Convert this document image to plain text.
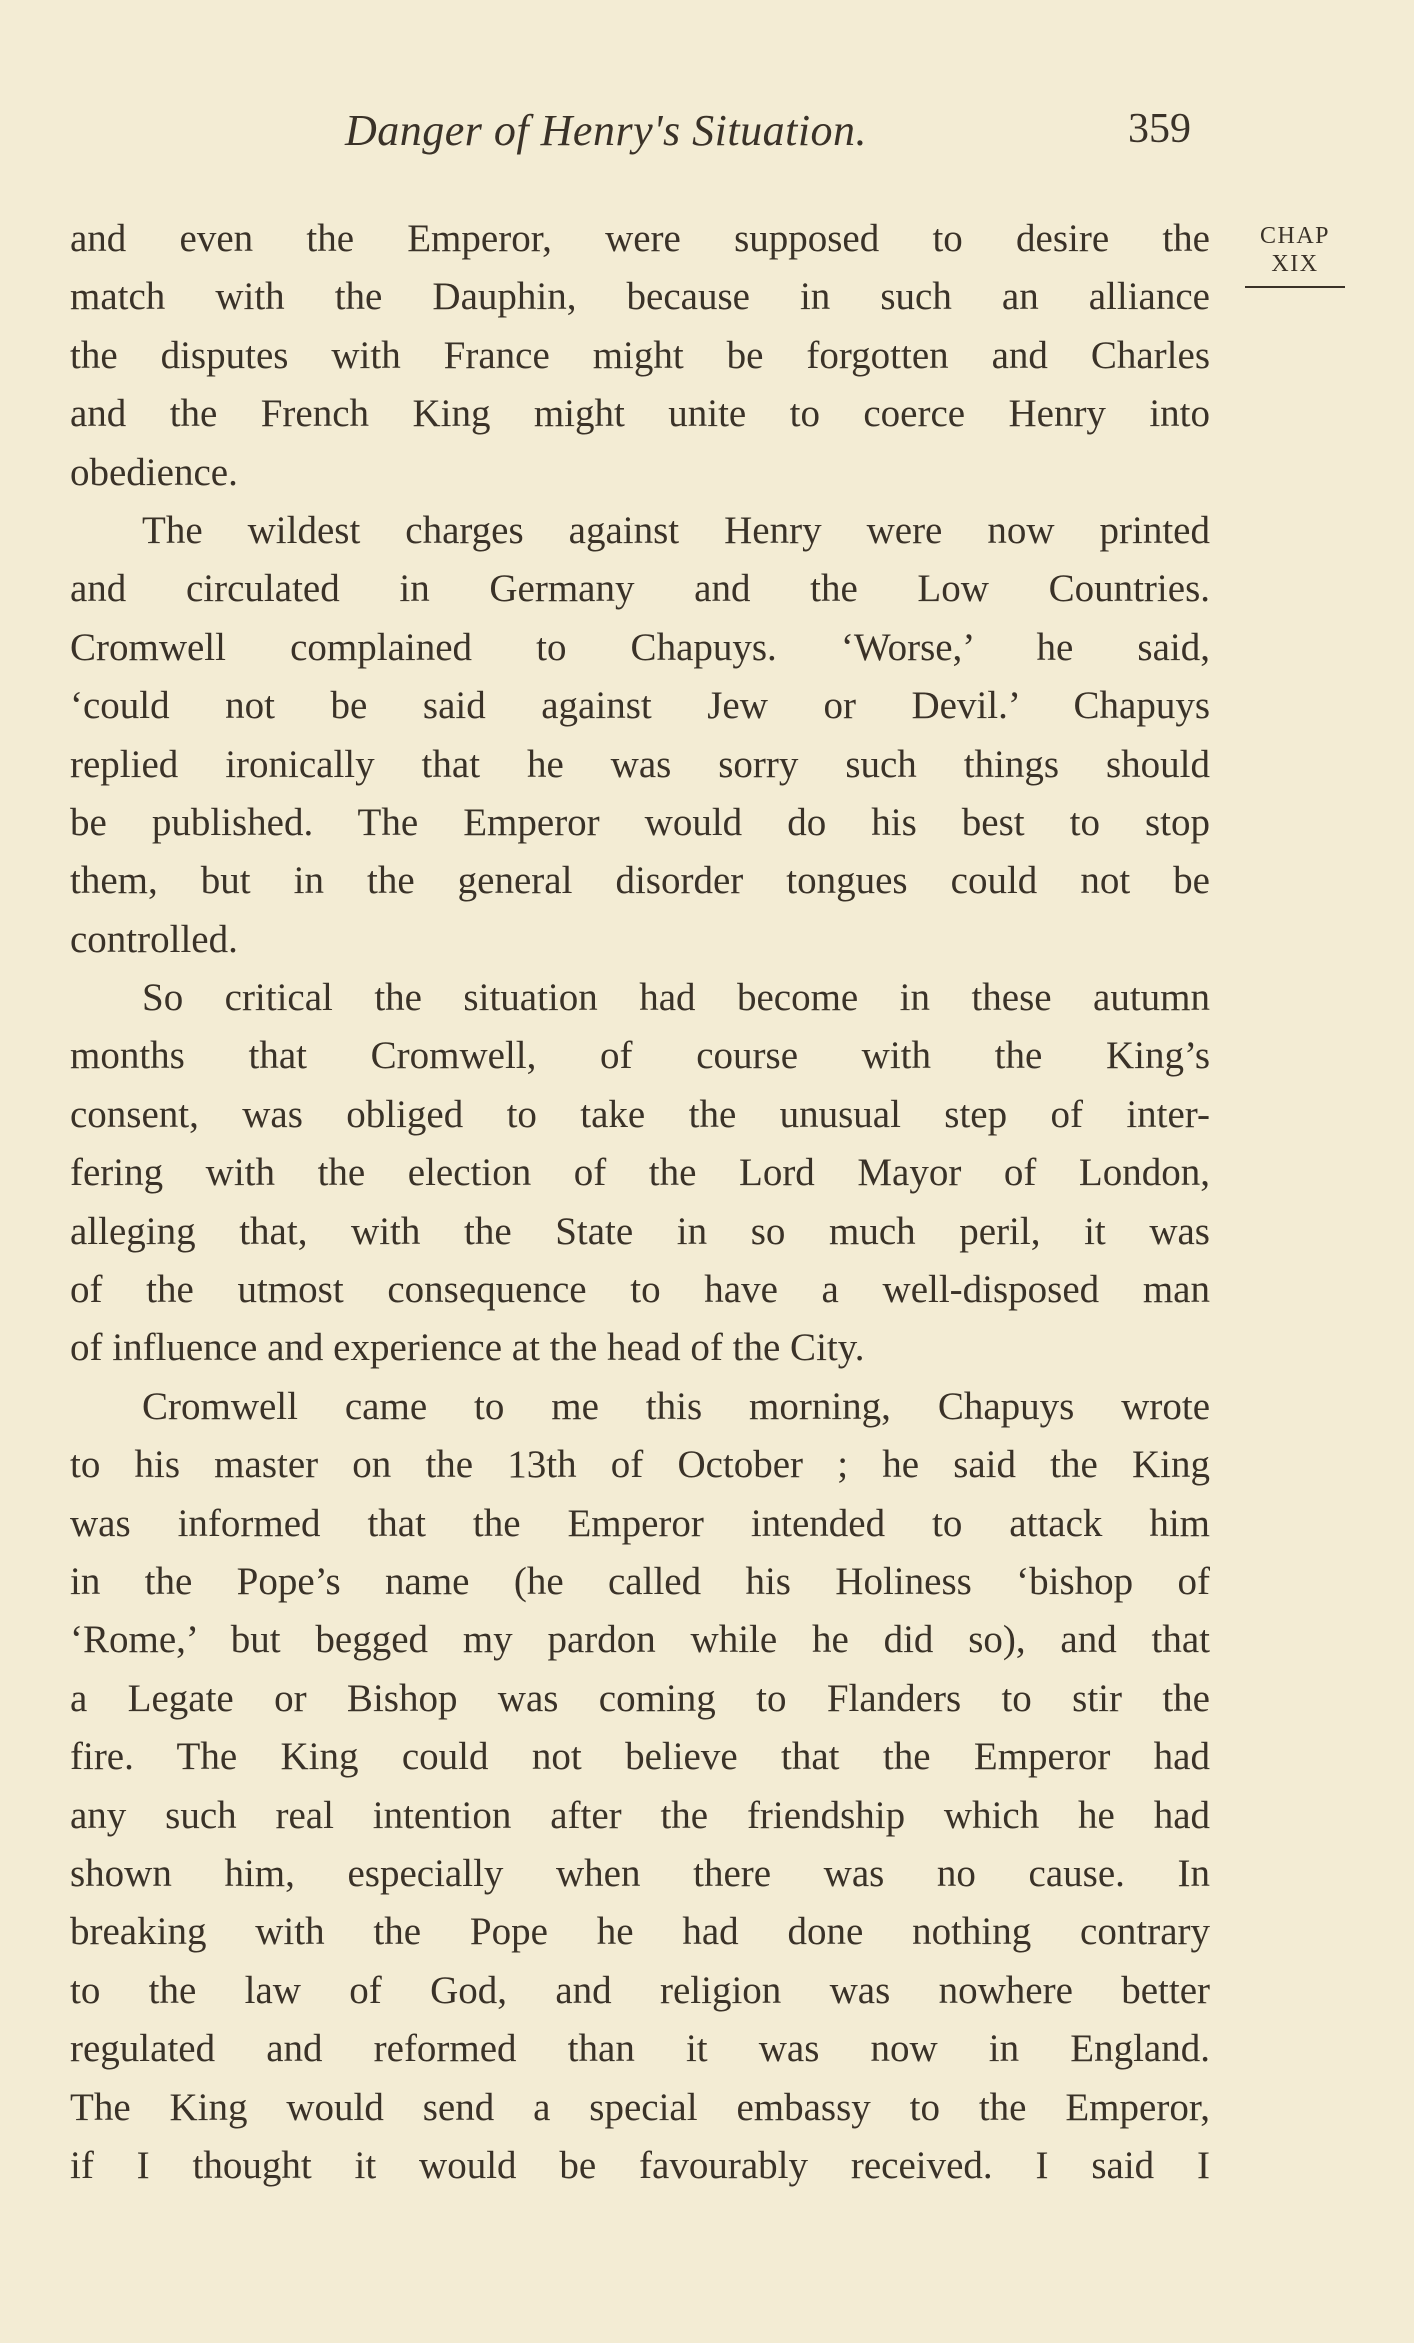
Danger of Henry's Situation.	359
CHAP
XIX
and even the Emperor, were supposed to desire the
match with the Dauphin, because in such an alliance
the disputes with France might be forgotten and Charles
and the French King might unite to coerce Henry into
obedience.
The wildest charges against Henry were now printed
and circulated in Germany and the Low Countries.
Cromwell complained to Chapuys. ‘Worse,’ he said,
‘could not be said against Jew or Devil.’ Chapuys
replied ironically that he was sorry such things should
be published. The Emperor would do his best to stop
them, but in the general disorder tongues could not be
controlled.
So critical the situation had become in these autumn
months that Cromwell, of course with the King’s
consent, was obliged to take the unusual step of inter-
fering with the election of the Lord Mayor of London,
alleging that, with the State in so much peril, it was
of the utmost consequence to have a well-disposed man
of influence and experience at the head of the City.
Cromwell came to me this morning, Chapuys wrote
to his master on the 13th of October ; he said the King
was informed that the Emperor intended to attack him
in the Pope’s name (he called his Holiness ‘bishop of
‘Rome,’ but begged my pardon while he did so), and that
a Legate or Bishop was coming to Flanders to stir the
fire. The King could not believe that the Emperor had
any such real intention after the friendship which he had
shown him, especially when there was no cause. In
breaking with the Pope he had done nothing contrary
to the law of God, and religion was nowhere better
regulated and reformed than it was now in England.
The King would send a special embassy to the Emperor,
if I thought it would be favourably received. I said I
